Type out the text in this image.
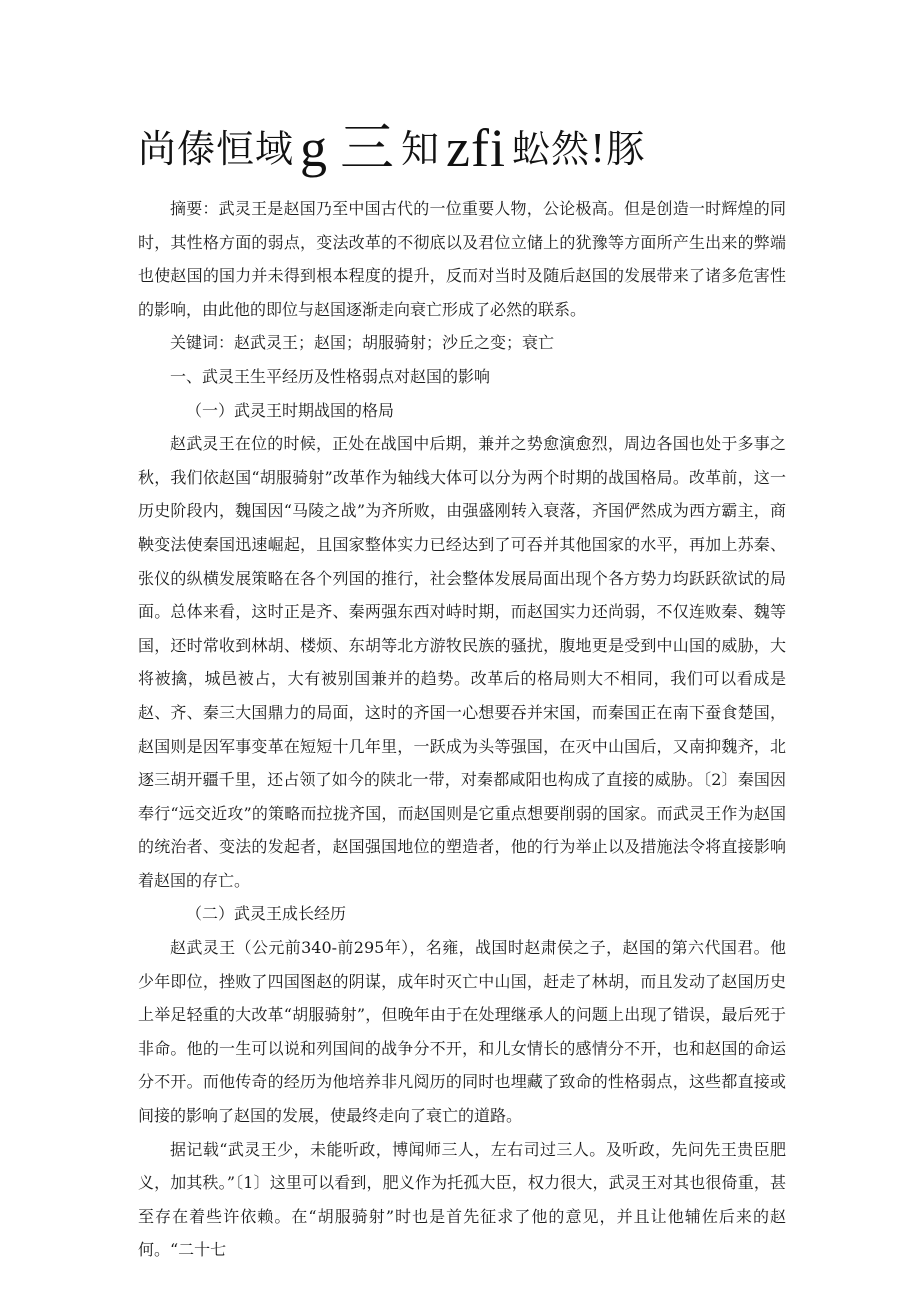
尚傣恒域 g 三 知 zfi 蚣然!豚

摘要：武灵王是赵国乃至中国古代的一位重要人物，公论极高。但是创造一时辉煌的同时，其性格方面的弱点，变法改革的不彻底以及君位立储上的犹豫等方面所产生出来的弊端也使赵国的国力并未得到根本程度的提升，反而对当时及随后赵国的发展带来了诸多危害性的影响，由此他的即位与赵国逐渐走向衰亡形成了必然的联系。

关键词：赵武灵王；赵国；胡服骑射；沙丘之变；衰亡

一、武灵王生平经历及性格弱点对赵国的影响

（一）武灵王时期战国的格局

赵武灵王在位的时候，正处在战国中后期，兼并之势愈演愈烈，周边各国也处于多事之秋，我们依赵国“胡服骑射”改革作为轴线大体可以分为两个时期的战国格局。改革前，这一历史阶段内，魏国因“马陵之战”为齐所败，由强盛刚转入衰落，齐国俨然成为西方霸主，商鞅变法使秦国迅速崛起，且国家整体实力已经达到了可吞并其他国家的水平，再加上苏秦、张仪的纵横发展策略在各个列国的推行，社会整体发展局面出现个各方势力均跃跃欲试的局面。总体来看，这时正是齐、秦两强东西对峙时期，而赵国实力还尚弱，不仅连败秦、魏等国，还时常收到林胡、楼烦、东胡等北方游牧民族的骚扰，腹地更是受到中山国的威胁，大将被擒，城邑被占，大有被别国兼并的趋势。改革后的格局则大不相同，我们可以看成是赵、齐、秦三大国鼎力的局面，这时的齐国一心想要吞并宋国，而秦国正在南下蚕食楚国，赵国则是因军事变革在短短十几年里，一跃成为头等强国，在灭中山国后，又南抑魏齐，北逐三胡开疆千里，还占领了如今的陕北一带，对秦都咸阳也构成了直接的威胁。〔2〕秦国因奉行“远交近攻”的策略而拉拢齐国，而赵国则是它重点想要削弱的国家。而武灵王作为赵国的统治者、变法的发起者，赵国强国地位的塑造者，他的行为举止以及措施法令将直接影响着赵国的存亡。

（二）武灵王成长经历

赵武灵王（公元前340-前295年），名雍，战国时赵肃侯之子，赵国的第六代国君。他少年即位，挫败了四国图赵的阴谋，成年时灭亡中山国，赶走了林胡，而且发动了赵国历史上举足轻重的大改革“胡服骑射”，但晚年由于在处理继承人的问题上出现了错误，最后死于非命。他的一生可以说和列国间的战争分不开，和儿女情长的感情分不开，也和赵国的命运分不开。而他传奇的经历为他培养非凡阅历的同时也埋藏了致命的性格弱点，这些都直接或间接的影响了赵国的发展，使最终走向了衰亡的道路。

据记载“武灵王少，未能听政，博闻师三人，左右司过三人。及听政，先问先王贵臣肥义，加其秩。”〔1〕这里可以看到，肥义作为托孤大臣，权力很大，武灵王对其也很倚重，甚至存在着些许依赖。在“胡服骑射”时也是首先征求了他的意见，并且让他辅佐后来的赵何。“二十七
